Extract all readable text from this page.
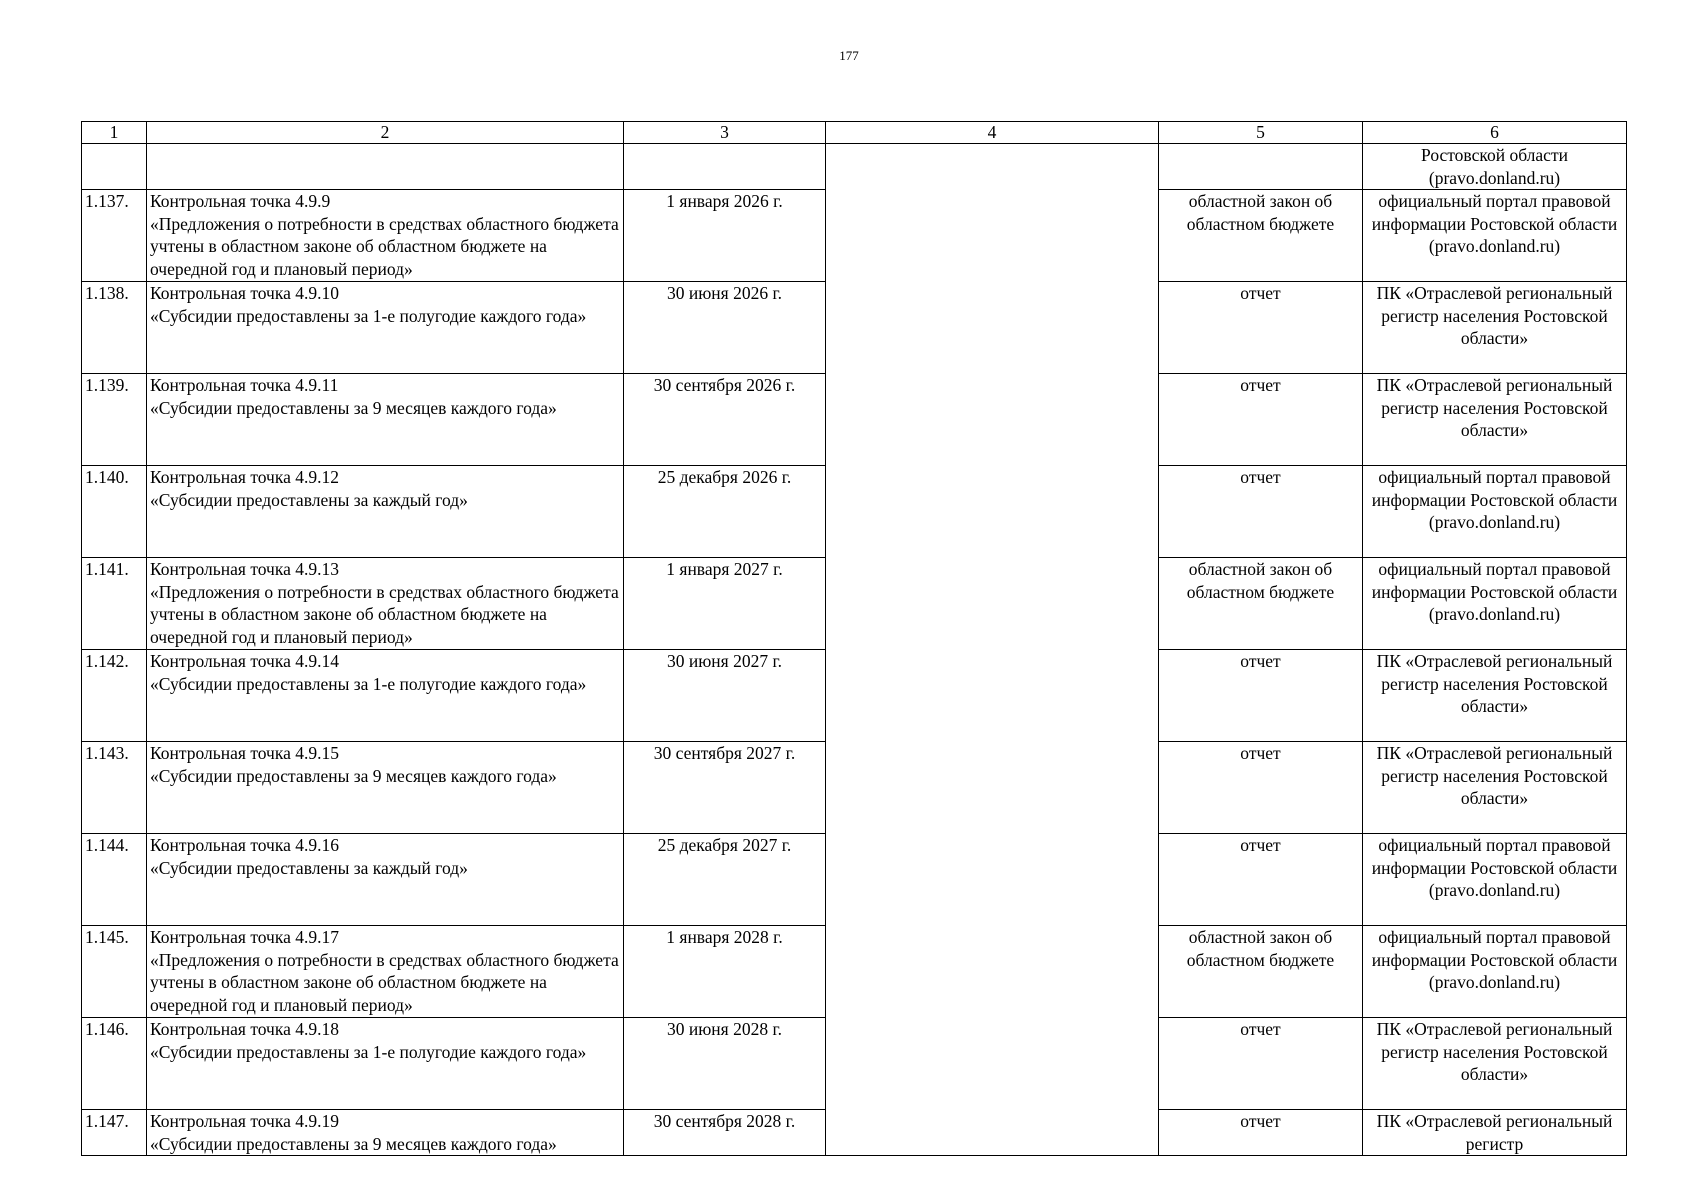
177
1	2	3	4	5	6
					Ростовской области (pravo.donland.ru)
1.137.	Контрольная точка 4.9.9
«Предложения о потребности в средствах областного бюджета учтены в областном законе об областном бюджете на очередной год и плановый период»	1 января 2026 г.		областной закон об областном бюджете	официальный портал правовой информации Ростовской области (pravo.donland.ru)
1.138.	Контрольная точка 4.9.10
«Субсидии предоставлены за 1-е полугодие каждого года»	30 июня 2026 г.		отчет	ПК «Отраслевой региональный регистр населения Ростовской области»
1.139.	Контрольная точка 4.9.11
«Субсидии предоставлены за 9 месяцев каждого года»	30 сентября 2026 г.		отчет	ПК «Отраслевой региональный регистр населения Ростовской области»
1.140.	Контрольная точка 4.9.12
«Субсидии предоставлены за каждый год»	25 декабря 2026 г.		отчет	официальный портал правовой информации Ростовской области (pravo.donland.ru)
1.141.	Контрольная точка 4.9.13
«Предложения о потребности в средствах областного бюджета учтены в областном законе об областном бюджете на очередной год и плановый период»	1 января 2027 г.		областной закон об областном бюджете	официальный портал правовой информации Ростовской области (pravo.donland.ru)
1.142.	Контрольная точка 4.9.14
«Субсидии предоставлены за 1-е полугодие каждого года»	30 июня 2027 г.		отчет	ПК «Отраслевой региональный регистр населения Ростовской области»
1.143.	Контрольная точка 4.9.15
«Субсидии предоставлены за 9 месяцев каждого года»	30 сентября 2027 г.		отчет	ПК «Отраслевой региональный регистр населения Ростовской области»
1.144.	Контрольная точка 4.9.16
«Субсидии предоставлены за каждый год»	25 декабря 2027 г.		отчет	официальный портал правовой информации Ростовской области (pravo.donland.ru)
1.145.	Контрольная точка 4.9.17
«Предложения о потребности в средствах областного бюджета учтены в областном законе об областном бюджете на очередной год и плановый период»	1 января 2028 г.		областной закон об областном бюджете	официальный портал правовой информации Ростовской области (pravo.donland.ru)
1.146.	Контрольная точка 4.9.18
«Субсидии предоставлены за 1-е полугодие каждого года»	30 июня 2028 г.		отчет	ПК «Отраслевой региональный регистр населения Ростовской области»
1.147.	Контрольная точка 4.9.19
«Субсидии предоставлены за 9 месяцев каждого года»	30 сентября 2028 г.		отчет	ПК «Отраслевой региональный регистр
